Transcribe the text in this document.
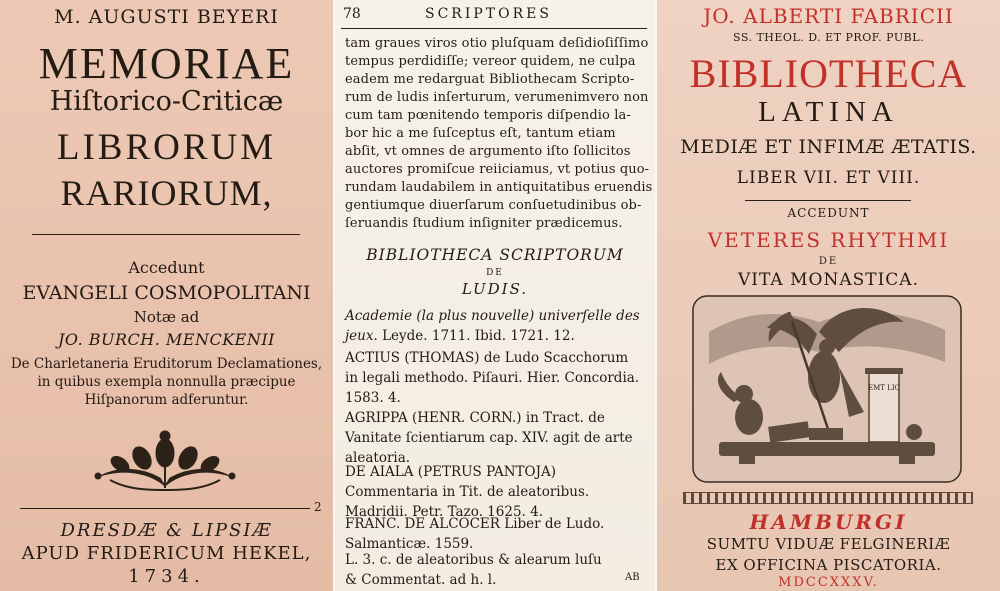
M. AUGUSTI BEYERI
MEMORIAE
Hiſtorico-Criticæ
LIBRORUM
RARIORUM,
Accedunt
EVANGELI COSMOPOLITANI
Notæ ad
JO. BURCH. MENCKENII
De Charletaneria Eruditorum Declamationes,
in quibus exempla nonnulla præcipue
Hiſpanorum adferuntur.
2
DRESDÆ & LIPSIÆ
APUD FRIDERICUM HEKEL,
1734.
78	SCRIPTORES
tam graues viros otio pluſquam deſidioſiſſimo
tempus perdidiſſe; vereor quidem, ne culpa
eadem me redarguat Bibliothecam Scripto-
rum de ludis inſerturum, verumenimvero non
cum tam pœnitendo temporis diſpendio la-
bor hic a me ſuſceptus eſt, tantum etiam
abſit, vt omnes de argumento iſto ſollicitos
auctores promiſcue reiiciamus, vt potius quo-
rundam laudabilem in antiquitatibus eruendis
gentiumque diuerſarum conſuetudinibus ob-
ſeruandis ſtudium inſigniter prædicemus.
BIBLIOTHECA SCRIPTORUM
DE
LUDIS.
Academie (la plus nouvelle) univerſelle des jeux. Leyde. 1711. Ibid. 1721. 12.
ACTIUS (THOMAS) de Ludo Scacchorum in legali methodo. Piſauri. Hier. Concordia. 1583. 4.
AGRIPPA (HENR. CORN.) in Tract. de Vanitate ſcientiarum cap. XIV. agit de arte aleatoria.
DE AIALA (PETRUS PANTOJA) Commentaria in Tit. de aleatoribus. Madridii. Petr. Tazo. 1625. 4.
FRANC. DE ALCOCER Liber de Ludo. Salmanticæ. 1559.
L. 3. c. de aleatoribus & alearum luſu & Commentat. ad h. l.	AB
JO. ALBERTI FABRICII
SS. THEOL. D. ET PROF. PUBL.
BIBLIOTHECA
LATINA
MEDIÆ ET INFIMÆ ÆTATIS.
LIBER VII. ET VIII.
ACCEDUNT
VETERES RHYTHMI
DE
VITA MONASTICA.
EMT LIC
HAMBURGI
SUMTU VIDUÆ FELGINERIÆ
EX OFFICINA PISCATORIA.
MDCCXXXV.
